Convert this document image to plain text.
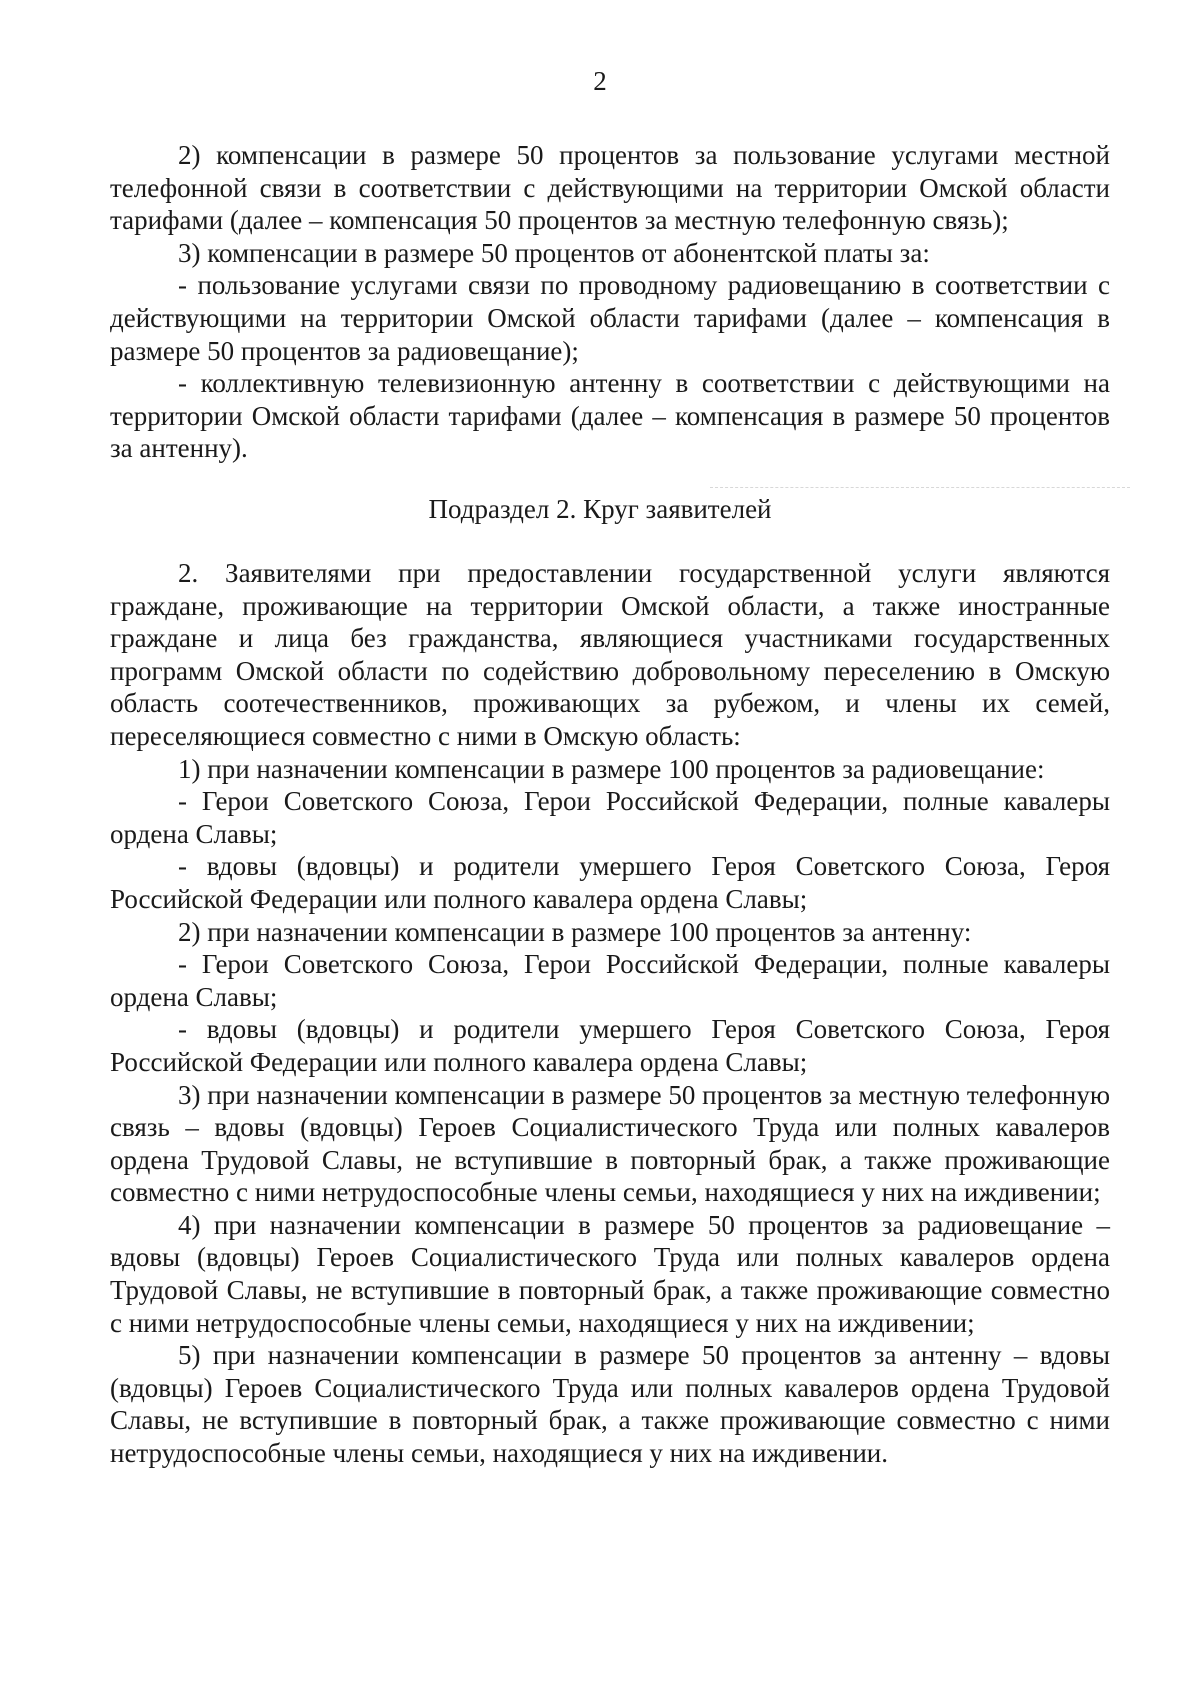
2

2) компенсации в размере 50 процентов за пользование услугами местной телефонной связи в соответствии с действующими на территории Омской области тарифами (далее – компенсация 50 процентов за местную телефонную связь);

3) компенсации в размере 50 процентов от абонентской платы за:

- пользование услугами связи по проводному радиовещанию в соответствии с действующими на территории Омской области тарифами (далее – компенсация в размере 50 процентов за радиовещание);

- коллективную телевизионную антенну в соответствии с действующими на территории Омской области тарифами (далее – компенсация в размере 50 процентов за антенну).

Подраздел 2. Круг заявителей

2. Заявителями при предоставлении государственной услуги являются граждане, проживающие на территории Омской области, а также иностранные граждане и лица без гражданства, являющиеся участниками государственных программ Омской области по содействию добровольному переселению в Омскую область соотечественников, проживающих за рубежом, и члены их семей, переселяющиеся совместно с ними в Омскую область:

1) при назначении компенсации в размере 100 процентов за радиовещание:

- Герои Советского Союза, Герои Российской Федерации, полные кавалеры ордена Славы;

- вдовы (вдовцы) и родители умершего Героя Советского Союза, Героя Российской Федерации или полного кавалера ордена Славы;

2) при назначении компенсации в размере 100 процентов за антенну:

- Герои Советского Союза, Герои Российской Федерации, полные кавалеры ордена Славы;

- вдовы (вдовцы) и родители умершего Героя Советского Союза, Героя Российской Федерации или полного кавалера ордена Славы;

3) при назначении компенсации в размере 50 процентов за местную телефонную связь – вдовы (вдовцы) Героев Социалистического Труда или полных кавалеров ордена Трудовой Славы, не вступившие в повторный брак, а также проживающие совместно с ними нетрудоспособные члены семьи, находящиеся у них на иждивении;

4) при назначении компенсации в размере 50 процентов за радиовещание – вдовы (вдовцы) Героев Социалистического Труда или полных кавалеров ордена Трудовой Славы, не вступившие в повторный брак, а также проживающие совместно с ними нетрудоспособные члены семьи, находящиеся у них на иждивении;

5) при назначении компенсации в размере 50 процентов за антенну – вдовы (вдовцы) Героев Социалистического Труда или полных кавалеров ордена Трудовой Славы, не вступившие в повторный брак, а также проживающие совместно с ними нетрудоспособные члены семьи, находящиеся у них на иждивении.
